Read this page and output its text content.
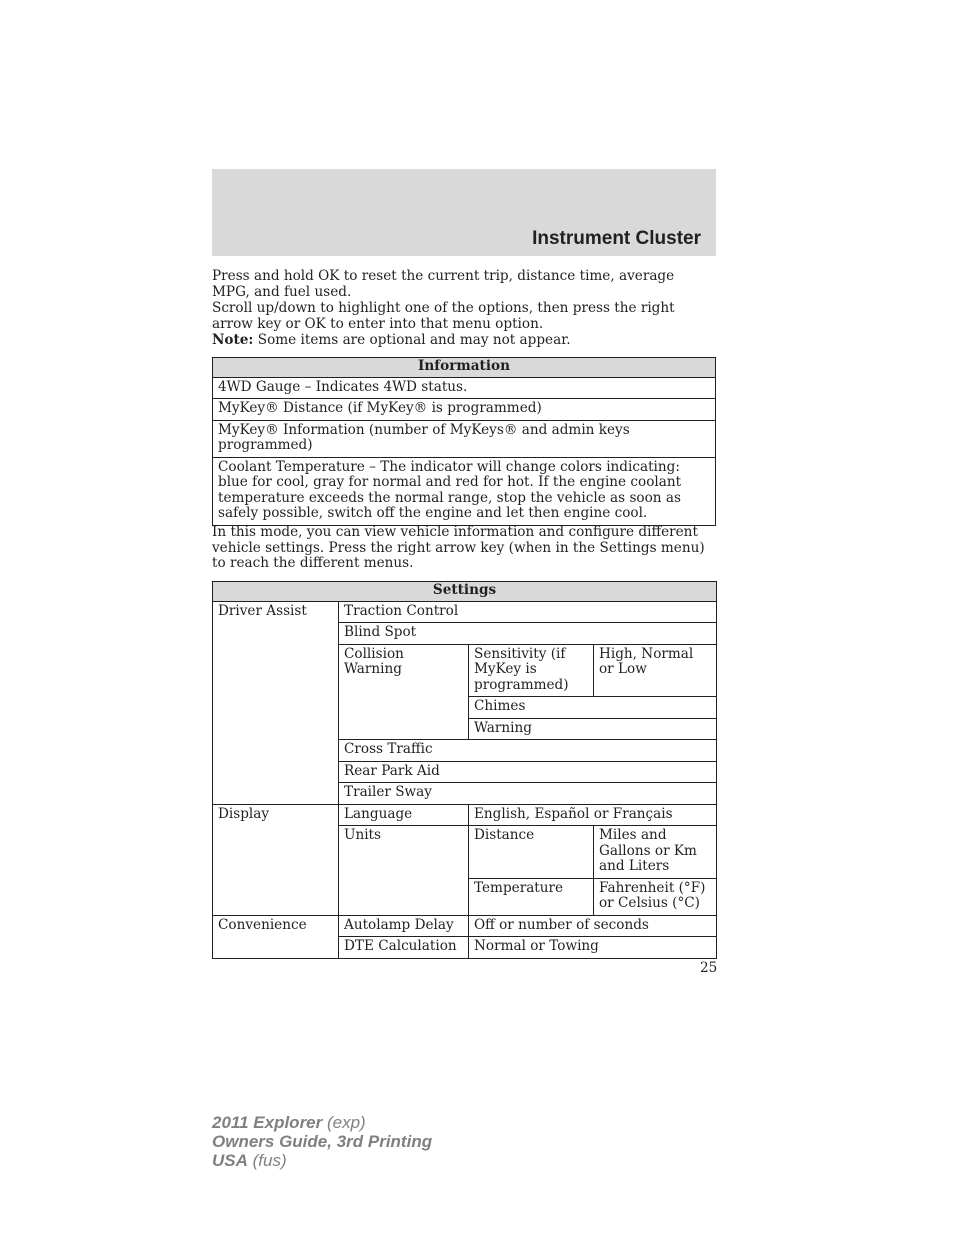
Instrument Cluster

Press and hold OK to reset the current trip, distance time, average MPG, and fuel used.

Scroll up/down to highlight one of the options, then press the right arrow key or OK to enter into that menu option.

Note: Some items are optional and may not appear.

Information
4WD Gauge – Indicates 4WD status.
MyKey® Distance (if MyKey® is programmed)
MyKey® Information (number of MyKeys® and admin keys programmed)
Coolant Temperature – The indicator will change colors indicating: blue for cool, gray for normal and red for hot. If the engine coolant temperature exceeds the normal range, stop the vehicle as soon as safely possible, switch off the engine and let then engine cool.

In this mode, you can view vehicle information and configure different vehicle settings. Press the right arrow key (when in the Settings menu) to reach the different menus.

Settings			
Driver Assist	Traction Control		
	Blind Spot		
	Collision Warning	Sensitivity (if MyKey is programmed)	High, Normal or Low
		Chimes	
		Warning	
	Cross Traffic		
	Rear Park Aid		
	Trailer Sway		
Display	Language	English, Español or Français	
	Units	Distance	Miles and Gallons or Km and Liters
		Temperature	Fahrenheit (°F) or Celsius (°C)
Convenience	Autolamp Delay	Off or number of seconds	
	DTE Calculation	Normal or Towing	
25
2011 Explorer (exp)
Owners Guide, 3rd Printing
USA (fus)
